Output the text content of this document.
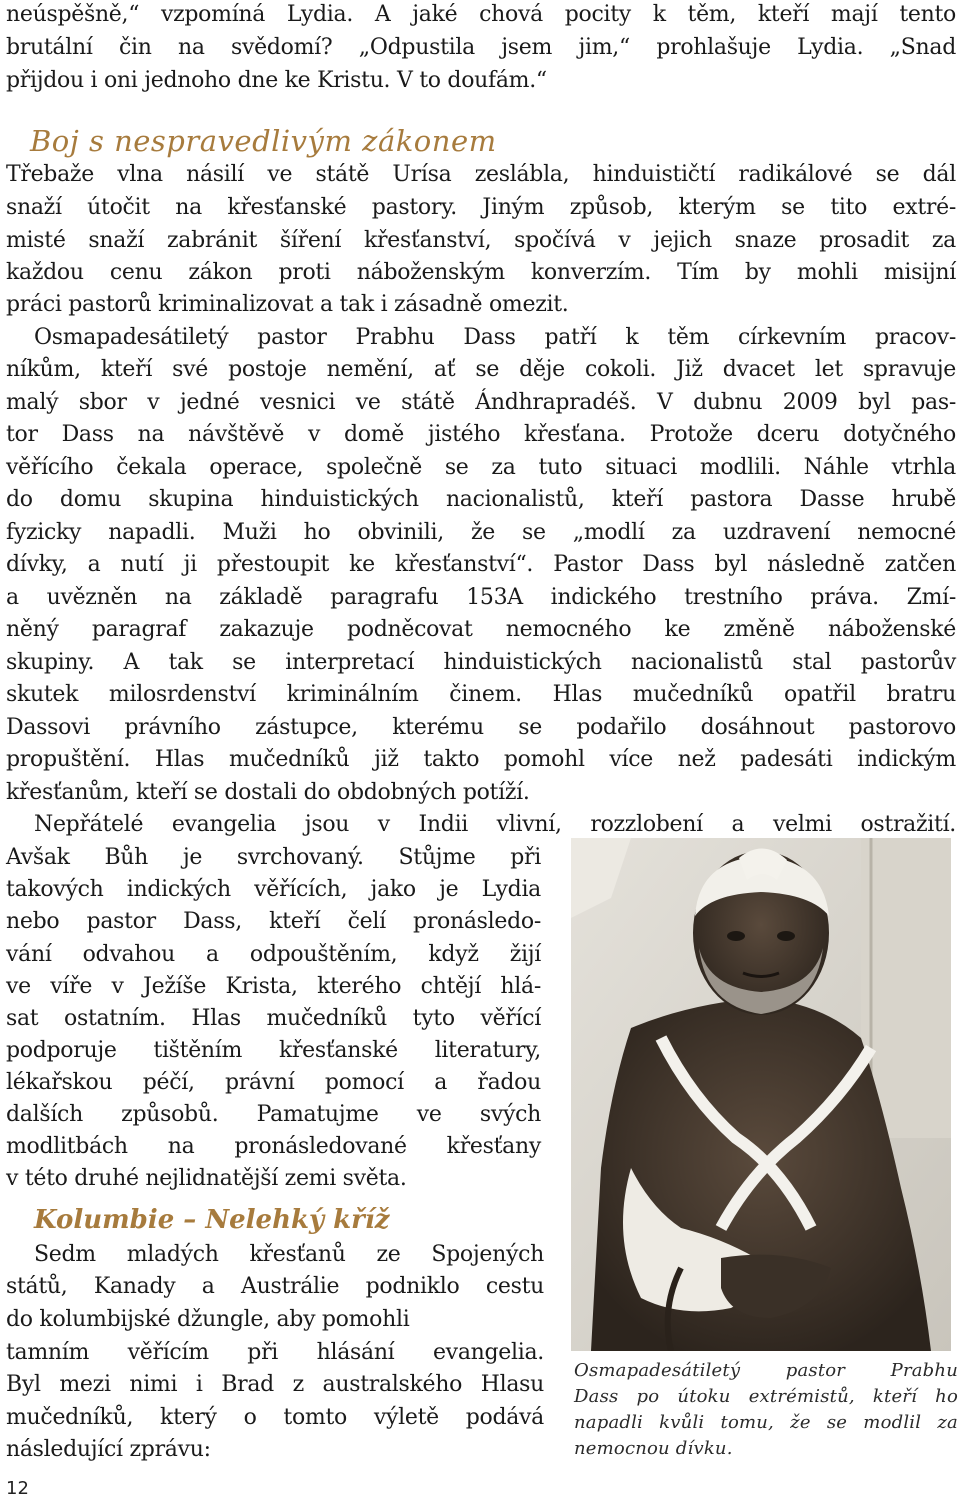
neúspěšně,“ vzpomíná Lydia. A jaké chová pocity k těm, kteří mají tento
brutální čin na svědomí? „Odpustila jsem jim,“ prohlašuje Lydia. „Snad
přijdou i oni jednoho dne ke Kristu. V to doufám.“
Boj s nespravedlivým zákonem
Třebaže vlna násilí ve státě Urísa zeslábla, hinduističtí radikálové se dál
snaží útočit na křesťanské pastory. Jiným způsob, kterým se tito extré-
misté snaží zabránit šíření křesťanství, spočívá v jejich snaze prosadit za
každou cenu zákon proti náboženským konverzím. Tím by mohli misijní
práci pastorů kriminalizovat a tak i zásadně omezit.
Osmapadesátiletý pastor Prabhu Dass patří k těm církevním pracov-
níkům, kteří své postoje nemění, ať se děje cokoli. Již dvacet let spravuje
malý sbor v jedné vesnici ve státě Ándhrapradéš. V dubnu 2009 byl pas-
tor Dass na návštěvě v domě jistého křesťana. Protože dceru dotyčného
věřícího čekala operace, společně se za tuto situaci modlili. Náhle vtrhla
do domu skupina hinduistických nacionalistů, kteří pastora Dasse hrubě
fyzicky napadli. Muži ho obvinili, že se „modlí za uzdravení nemocné
dívky, a nutí ji přestoupit ke křesťanství“. Pastor Dass byl následně zatčen
a uvězněn na základě paragrafu 153A indického trestního práva. Zmí-
něný paragraf zakazuje podněcovat nemocného ke změně náboženské
skupiny. A tak se interpretací hinduistických nacionalistů stal pastorův
skutek milosrdenství kriminálním činem. Hlas mučedníků opatřil bratru
Dassovi právního zástupce, kterému se podařilo dosáhnout pastorovo
propuštění. Hlas mučedníků již takto pomohl více než padesáti indickým
křesťanům, kteří se dostali do obdobných potíží.
Nepřátelé evangelia jsou v Indii vlivní, rozzlobení a velmi ostražití.
Avšak Bůh je svrchovaný. Stůjme při
takových indických věřících, jako je Lydia
nebo pastor Dass, kteří čelí pronásledo-
vání odvahou a odpouštěním, když žijí
ve víře v Ježíše Krista, kterého chtějí hlá-
sat ostatním. Hlas mučedníků tyto věřící
podporuje tištěním křesťanské literatury,
lékařskou péčí, právní pomocí a řadou
dalších způsobů. Pamatujme ve svých
modlitbách na pronásledované křesťany
v této druhé nejlidnatější zemi světa.
Kolumbie – Nelehký kříž
Sedm mladých křesťanů ze Spojených
států, Kanady a Austrálie podniklo cestu
do kolumbijské džungle, aby pomohli
tamním věřícím při hlásání evangelia.
Byl mezi nimi i Brad z australského Hlasu
mučedníků, který o tomto výletě podává
následující zprávu:
Osmapadesátiletý pastor Prabhu
Dass po útoku extrémistů, kteří ho
napadli kvůli tomu, že se modlil za
nemocnou dívku.
12
